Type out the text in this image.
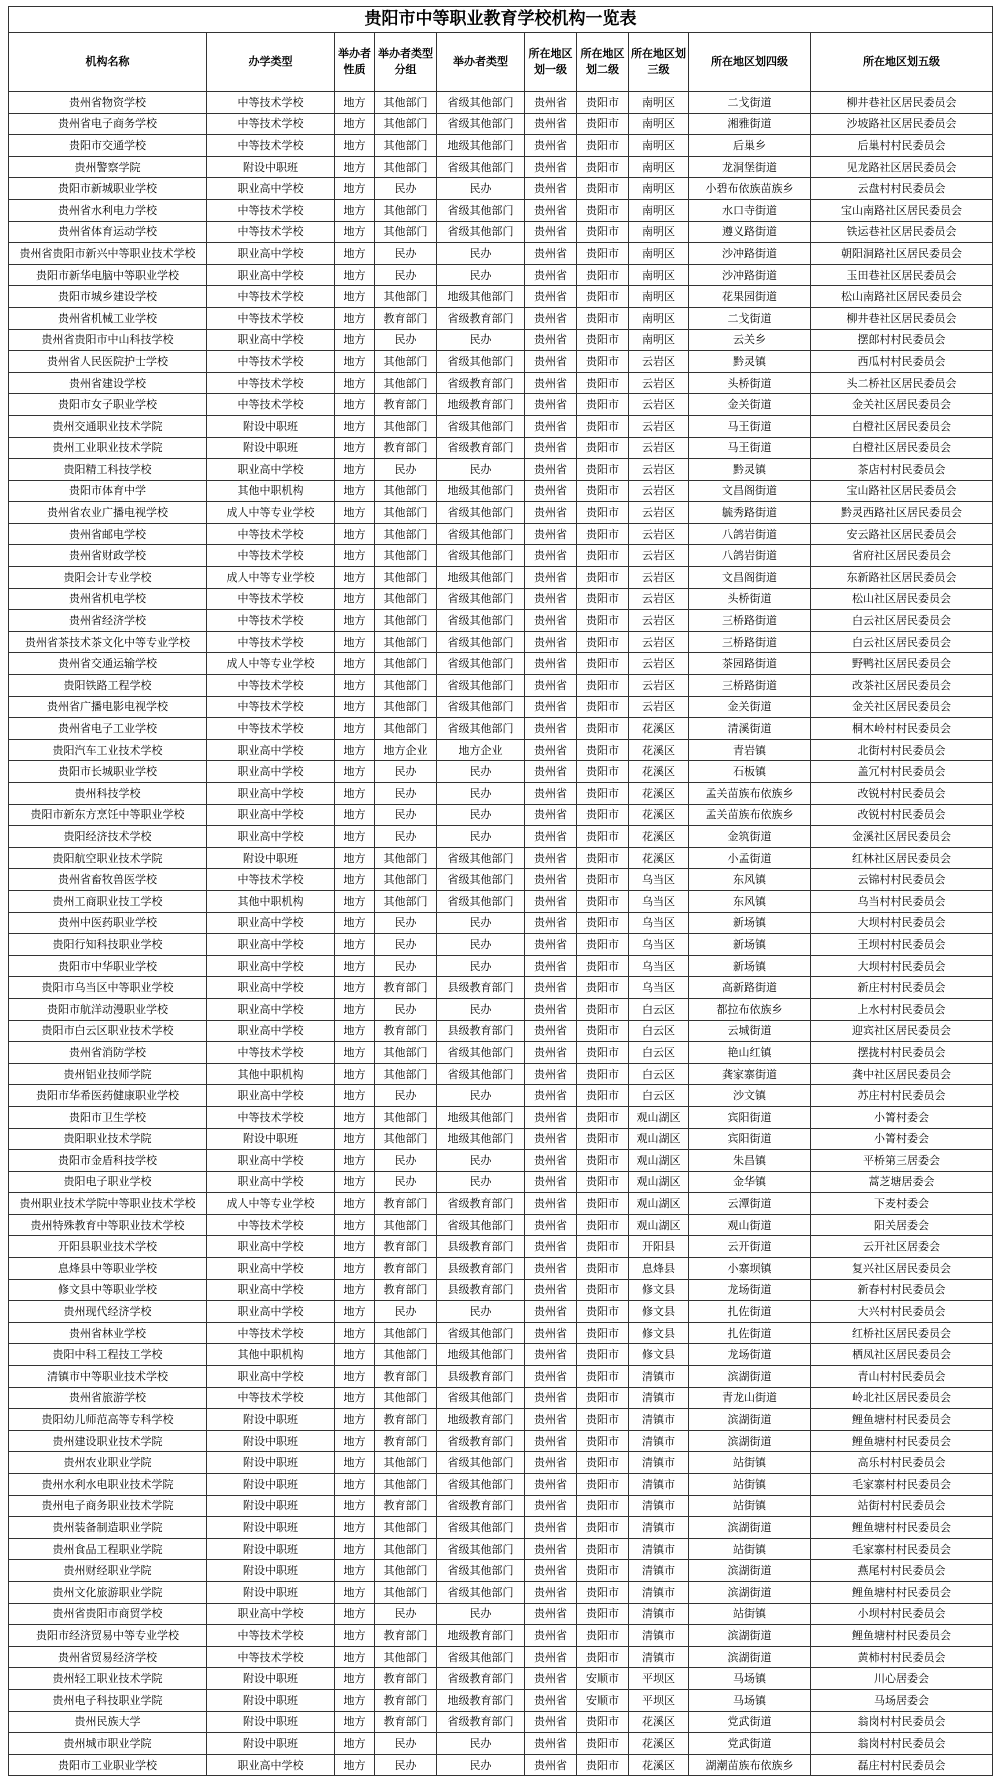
贵阳市中等职业教育学校机构一览表									
机构名称	办学类型	举办者性质	举办者类型分组	举办者类型	所在地区划一级	所在地区划二级	所在地区划三级	所在地区划四级	所在地区划五级
贵州省物资学校	中等技术学校	地方	其他部门	省级其他部门	贵州省	贵阳市	南明区	二戈街道	柳井巷社区居民委员会
贵州省电子商务学校	中等技术学校	地方	其他部门	省级其他部门	贵州省	贵阳市	南明区	湘雅街道	沙坡路社区居民委员会
贵阳市交通学校	中等技术学校	地方	其他部门	地级其他部门	贵州省	贵阳市	南明区	后巢乡	后巢村村民委员会
贵州警察学院	附设中职班	地方	其他部门	省级其他部门	贵州省	贵阳市	南明区	龙洞堡街道	见龙路社区居民委员会
贵阳市新城职业学校	职业高中学校	地方	民办	民办	贵州省	贵阳市	南明区	小碧布依族苗族乡	云盘村村民委员会
贵州省水利电力学校	中等技术学校	地方	其他部门	省级其他部门	贵州省	贵阳市	南明区	水口寺街道	宝山南路社区居民委员会
贵州省体育运动学校	中等技术学校	地方	其他部门	省级其他部门	贵州省	贵阳市	南明区	遵义路街道	铁运巷社区居民委员会
贵州省贵阳市新兴中等职业技术学校	职业高中学校	地方	民办	民办	贵州省	贵阳市	南明区	沙冲路街道	朝阳洞路社区居民委员会
贵阳市新华电脑中等职业学校	职业高中学校	地方	民办	民办	贵州省	贵阳市	南明区	沙冲路街道	玉田巷社区居民委员会
贵阳市城乡建设学校	中等技术学校	地方	其他部门	地级其他部门	贵州省	贵阳市	南明区	花果园街道	松山南路社区居民委员会
贵州省机械工业学校	中等技术学校	地方	教育部门	省级教育部门	贵州省	贵阳市	南明区	二戈街道	柳井巷社区居民委员会
贵州省贵阳市中山科技学校	职业高中学校	地方	民办	民办	贵州省	贵阳市	南明区	云关乡	摆郎村村民委员会
贵州省人民医院护士学校	中等技术学校	地方	其他部门	省级其他部门	贵州省	贵阳市	云岩区	黔灵镇	西瓜村村民委员会
贵州省建设学校	中等技术学校	地方	其他部门	省级教育部门	贵州省	贵阳市	云岩区	头桥街道	头二桥社区居民委员会
贵阳市女子职业学校	中等技术学校	地方	教育部门	地级教育部门	贵州省	贵阳市	云岩区	金关街道	金关社区居民委员会
贵州交通职业技术学院	附设中职班	地方	其他部门	省级其他部门	贵州省	贵阳市	云岩区	马王街道	白橙社区居民委员会
贵州工业职业技术学院	附设中职班	地方	教育部门	省级教育部门	贵州省	贵阳市	云岩区	马王街道	白橙社区居民委员会
贵阳精工科技学校	职业高中学校	地方	民办	民办	贵州省	贵阳市	云岩区	黔灵镇	茶店村村民委员会
贵阳市体育中学	其他中职机构	地方	其他部门	地级其他部门	贵州省	贵阳市	云岩区	文昌阁街道	宝山路社区居民委员会
贵州省农业广播电视学校	成人中等专业学校	地方	其他部门	省级其他部门	贵州省	贵阳市	云岩区	毓秀路街道	黔灵西路社区居民委员会
贵州省邮电学校	中等技术学校	地方	其他部门	省级其他部门	贵州省	贵阳市	云岩区	八鸽岩街道	安云路社区居民委员会
贵州省财政学校	中等技术学校	地方	其他部门	省级其他部门	贵州省	贵阳市	云岩区	八鸽岩街道	省府社区居民委员会
贵阳会计专业学校	成人中等专业学校	地方	其他部门	地级其他部门	贵州省	贵阳市	云岩区	文昌阁街道	东新路社区居民委员会
贵州省机电学校	中等技术学校	地方	其他部门	省级其他部门	贵州省	贵阳市	云岩区	头桥街道	松山社区居民委员会
贵州省经济学校	中等技术学校	地方	其他部门	省级其他部门	贵州省	贵阳市	云岩区	三桥路街道	白云社区居民委员会
贵州省茶技术茶文化中等专业学校	中等技术学校	地方	其他部门	省级其他部门	贵州省	贵阳市	云岩区	三桥路街道	白云社区居民委员会
贵州省交通运输学校	成人中等专业学校	地方	其他部门	省级其他部门	贵州省	贵阳市	云岩区	茶园路街道	野鸭社区居民委员会
贵阳铁路工程学校	中等技术学校	地方	其他部门	省级其他部门	贵州省	贵阳市	云岩区	三桥路街道	改茶社区居民委员会
贵州省广播电影电视学校	中等技术学校	地方	其他部门	省级其他部门	贵州省	贵阳市	云岩区	金关街道	金关社区居民委员会
贵州省电子工业学校	中等技术学校	地方	其他部门	省级其他部门	贵州省	贵阳市	花溪区	清溪街道	桐木岭村村民委员会
贵阳汽车工业技术学校	职业高中学校	地方	地方企业	地方企业	贵州省	贵阳市	花溪区	青岩镇	北街村村民委员会
贵阳市长城职业学校	职业高中学校	地方	民办	民办	贵州省	贵阳市	花溪区	石板镇	盖冗村村民委员会
贵州科技学校	职业高中学校	地方	民办	民办	贵州省	贵阳市	花溪区	孟关苗族布依族乡	改锐村村民委员会
贵阳市新东方烹饪中等职业学校	职业高中学校	地方	民办	民办	贵州省	贵阳市	花溪区	孟关苗族布依族乡	改锐村村民委员会
贵阳经济技术学校	职业高中学校	地方	民办	民办	贵州省	贵阳市	花溪区	金筑街道	金溪社区居民委员会
贵阳航空职业技术学院	附设中职班	地方	其他部门	省级其他部门	贵州省	贵阳市	花溪区	小孟街道	红林社区居民委员会
贵州省畜牧兽医学校	中等技术学校	地方	其他部门	省级其他部门	贵州省	贵阳市	乌当区	东风镇	云锦村村民委员会
贵州工商职业技工学校	其他中职机构	地方	其他部门	省级其他部门	贵州省	贵阳市	乌当区	东风镇	乌当村村民委员会
贵州中医药职业学校	职业高中学校	地方	民办	民办	贵州省	贵阳市	乌当区	新场镇	大坝村村民委员会
贵阳行知科技职业学校	职业高中学校	地方	民办	民办	贵州省	贵阳市	乌当区	新场镇	王坝村村民委员会
贵阳市中华职业学校	职业高中学校	地方	民办	民办	贵州省	贵阳市	乌当区	新场镇	大坝村村民委员会
贵阳市乌当区中等职业学校	职业高中学校	地方	教育部门	县级教育部门	贵州省	贵阳市	乌当区	高新路街道	新庄村村民委员会
贵阳市航洋动漫职业学校	职业高中学校	地方	民办	民办	贵州省	贵阳市	白云区	都拉布依族乡	上水村村民委员会
贵阳市白云区职业技术学校	职业高中学校	地方	教育部门	县级教育部门	贵州省	贵阳市	白云区	云城街道	迎宾社区居民委员会
贵州省消防学校	中等技术学校	地方	其他部门	省级其他部门	贵州省	贵阳市	白云区	艳山红镇	摆拢村村民委员会
贵州铝业技师学院	其他中职机构	地方	其他部门	省级其他部门	贵州省	贵阳市	白云区	龚家寨街道	龚中社区居民委员会
贵阳市华希医药健康职业学校	职业高中学校	地方	民办	民办	贵州省	贵阳市	白云区	沙文镇	苏庄村村民委员会
贵阳市卫生学校	中等技术学校	地方	其他部门	地级其他部门	贵州省	贵阳市	观山湖区	宾阳街道	小箐村委会
贵阳职业技术学院	附设中职班	地方	其他部门	地级其他部门	贵州省	贵阳市	观山湖区	宾阳街道	小箐村委会
贵阳市金盾科技学校	职业高中学校	地方	民办	民办	贵州省	贵阳市	观山湖区	朱昌镇	平桥第三居委会
贵阳电子职业学校	职业高中学校	地方	民办	民办	贵州省	贵阳市	观山湖区	金华镇	蒿芝塘居委会
贵州职业技术学院中等职业技术学校	成人中等专业学校	地方	教育部门	省级教育部门	贵州省	贵阳市	观山湖区	云潭街道	下麦村委会
贵州特殊教育中等职业技术学校	中等技术学校	地方	其他部门	省级其他部门	贵州省	贵阳市	观山湖区	观山街道	阳关居委会
开阳县职业技术学校	职业高中学校	地方	教育部门	县级教育部门	贵州省	贵阳市	开阳县	云开街道	云开社区居委会
息烽县中等职业学校	职业高中学校	地方	教育部门	县级教育部门	贵州省	贵阳市	息烽县	小寨坝镇	复兴社区居民委员会
修文县中等职业学校	职业高中学校	地方	教育部门	县级教育部门	贵州省	贵阳市	修文县	龙场街道	新春村村民委员会
贵州现代经济学校	职业高中学校	地方	民办	民办	贵州省	贵阳市	修文县	扎佐街道	大兴村村民委员会
贵州省林业学校	中等技术学校	地方	其他部门	省级其他部门	贵州省	贵阳市	修文县	扎佐街道	红桥社区居民委员会
贵阳中科工程技工学校	其他中职机构	地方	其他部门	地级其他部门	贵州省	贵阳市	修文县	龙场街道	栖凤社区居民委员会
清镇市中等职业技术学校	职业高中学校	地方	教育部门	县级教育部门	贵州省	贵阳市	清镇市	滨湖街道	青山村村民委员会
贵州省旅游学校	中等技术学校	地方	其他部门	省级其他部门	贵州省	贵阳市	清镇市	青龙山街道	岭北社区居民委员会
贵阳幼儿师范高等专科学校	附设中职班	地方	教育部门	地级教育部门	贵州省	贵阳市	清镇市	滨湖街道	鲤鱼塘村村民委员会
贵州建设职业技术学院	附设中职班	地方	教育部门	省级教育部门	贵州省	贵阳市	清镇市	滨湖街道	鲤鱼塘村村民委员会
贵州农业职业学院	附设中职班	地方	其他部门	省级其他部门	贵州省	贵阳市	清镇市	站街镇	高乐村村民委员会
贵州水利水电职业技术学院	附设中职班	地方	其他部门	省级其他部门	贵州省	贵阳市	清镇市	站街镇	毛家寨村村民委员会
贵州电子商务职业技术学院	附设中职班	地方	教育部门	省级教育部门	贵州省	贵阳市	清镇市	站街镇	站街村村民委员会
贵州装备制造职业学院	附设中职班	地方	其他部门	省级其他部门	贵州省	贵阳市	清镇市	滨湖街道	鲤鱼塘村村民委员会
贵州食品工程职业学院	附设中职班	地方	其他部门	省级其他部门	贵州省	贵阳市	清镇市	站街镇	毛家寨村村民委员会
贵州财经职业学院	附设中职班	地方	其他部门	省级其他部门	贵州省	贵阳市	清镇市	滨湖街道	燕尾村村民委员会
贵州文化旅游职业学院	附设中职班	地方	其他部门	省级其他部门	贵州省	贵阳市	清镇市	滨湖街道	鲤鱼塘村村民委员会
贵州省贵阳市商贸学校	职业高中学校	地方	民办	民办	贵州省	贵阳市	清镇市	站街镇	小坝村村民委员会
贵阳市经济贸易中等专业学校	中等技术学校	地方	教育部门	地级教育部门	贵州省	贵阳市	清镇市	滨湖街道	鲤鱼塘村村民委员会
贵州省贸易经济学校	中等技术学校	地方	其他部门	省级其他部门	贵州省	贵阳市	清镇市	滨湖街道	黄柿村村民委员会
贵州轻工职业技术学院	附设中职班	地方	教育部门	省级教育部门	贵州省	安顺市	平坝区	马场镇	川心居委会
贵州电子科技职业学院	附设中职班	地方	教育部门	地级教育部门	贵州省	安顺市	平坝区	马场镇	马场居委会
贵州民族大学	附设中职班	地方	教育部门	省级教育部门	贵州省	贵阳市	花溪区	党武街道	翁岗村村民委员会
贵州城市职业学院	附设中职班	地方	民办	民办	贵州省	贵阳市	花溪区	党武街道	翁岗村村民委员会
贵阳市工业职业学校	职业高中学校	地方	民办	民办	贵州省	贵阳市	花溪区	湖潮苗族布依族乡	磊庄村村民委员会
